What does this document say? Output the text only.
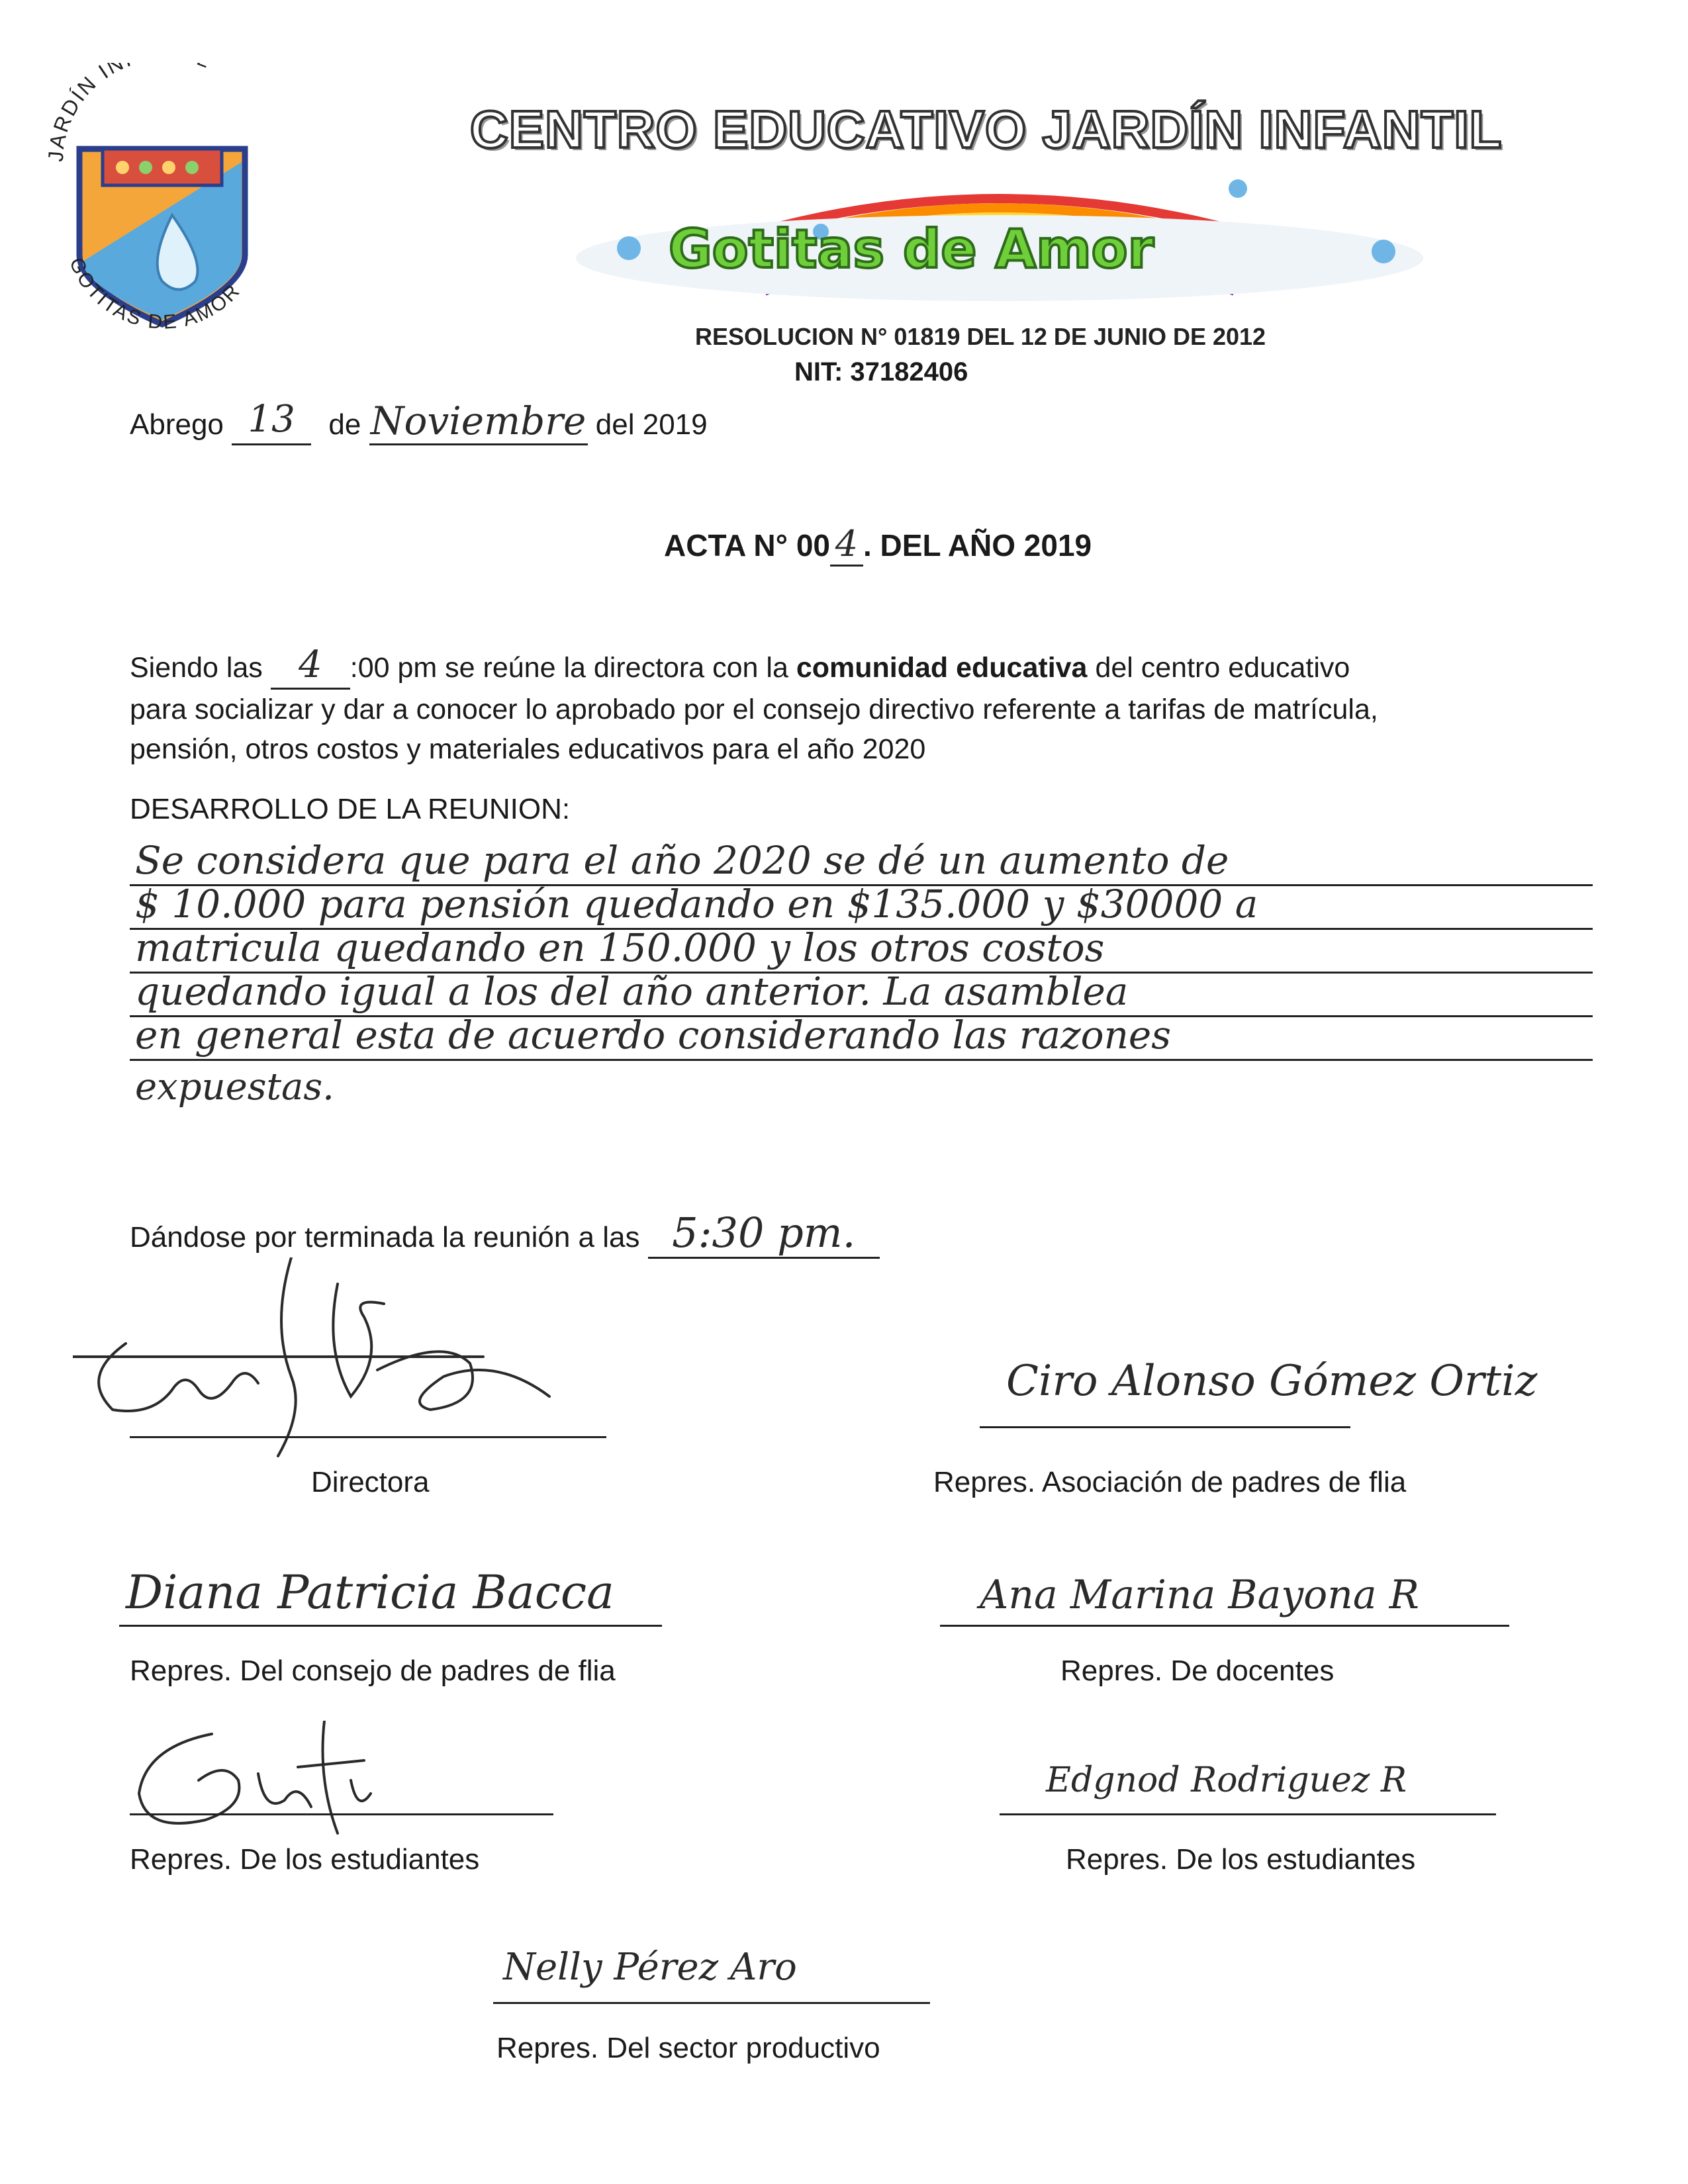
JARDÍN IN
GOTITAS DE AMOR
CENTRO EDUCATIVO JARDÍN INFANTIL
Gotitas de Amor
RESOLUCION N° 01819 DEL 12 DE JUNIO DE 2012
NIT: 37182406
Abrego 13 de Noviembre del 2019
ACTA N° 00 4 . DEL AÑO 2019
Siendo las 4 :00 pm se reúne la directora con la comunidad educativa del centro educativo
para socializar y dar a conocer lo aprobado por el consejo directivo referente a tarifas de matrícula,
pensión, otros costos y materiales educativos para el año 2020
DESARROLLO DE LA REUNION:
Se considera que para el año 2020 se dé un aumento de
$ 10.000 para pensión quedando en $135.000 y $30000 a
matricula quedando en 150.000 y los otros costos
quedando igual a los del año anterior. La asamblea
en general esta de acuerdo considerando las razones
expuestas.
Dándose por terminada la reunión a las 5:30 pm.
Directora
Ciro Alonso Gómez Ortiz
Repres. Asociación de padres de flia
Diana Patricia Bacca
Repres. Del consejo de padres de flia
Ana Marina Bayona R
Repres. De docentes
Repres. De los estudiantes
Edgnod Rodriguez R
Repres. De los estudiantes
Nelly Pérez Aro
Repres. Del sector productivo
